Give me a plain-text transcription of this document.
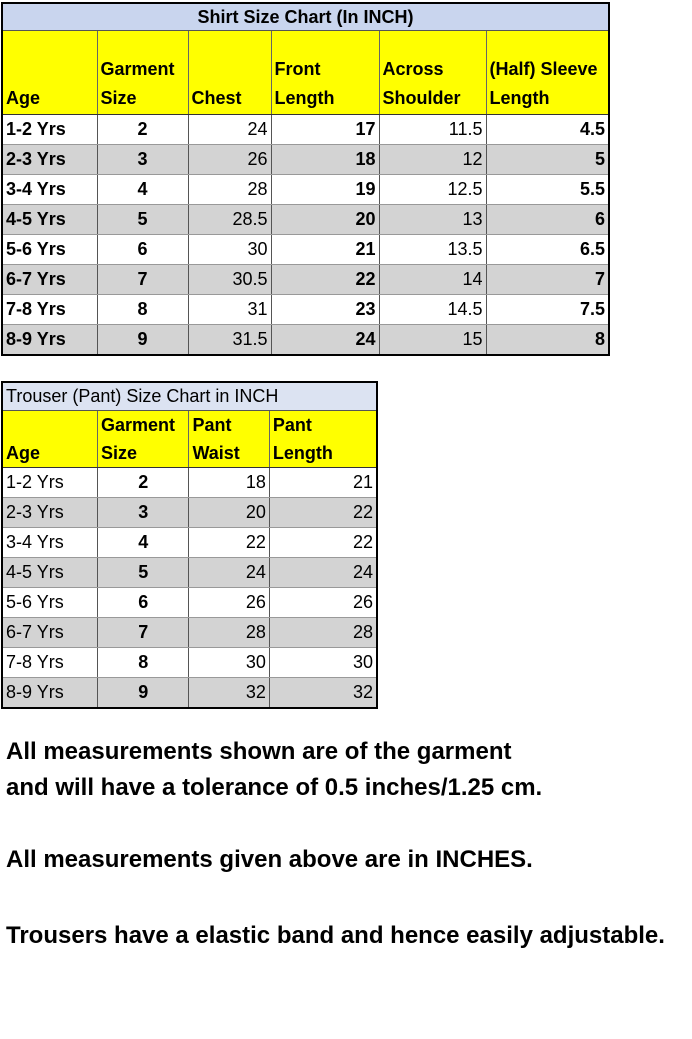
Shirt Size Chart (In INCH)					
Age	Garment Size	Chest	Front Length	Across Shoulder	(Half) Sleeve Length
1-2 Yrs	2	24	17	11.5	4.5
2-3 Yrs	3	26	18	12	5
3-4 Yrs	4	28	19	12.5	5.5
4-5 Yrs	5	28.5	20	13	6
5-6 Yrs	6	30	21	13.5	6.5
6-7 Yrs	7	30.5	22	14	7
7-8 Yrs	8	31	23	14.5	7.5
8-9 Yrs	9	31.5	24	15	8
Trouser (Pant) Size Chart in INCH			
Age	Garment Size	Pant Waist	Pant Length
1-2 Yrs	2	18	21
2-3 Yrs	3	20	22
3-4 Yrs	4	22	22
4-5 Yrs	5	24	24
5-6 Yrs	6	26	26
6-7 Yrs	7	28	28
7-8 Yrs	8	30	30
8-9 Yrs	9	32	32
All measurements shown are of the garment
and will have a tolerance of 0.5 inches/1.25 cm.
All measurements given above are in INCHES.
Trousers have a elastic band and hence easily adjustable.
